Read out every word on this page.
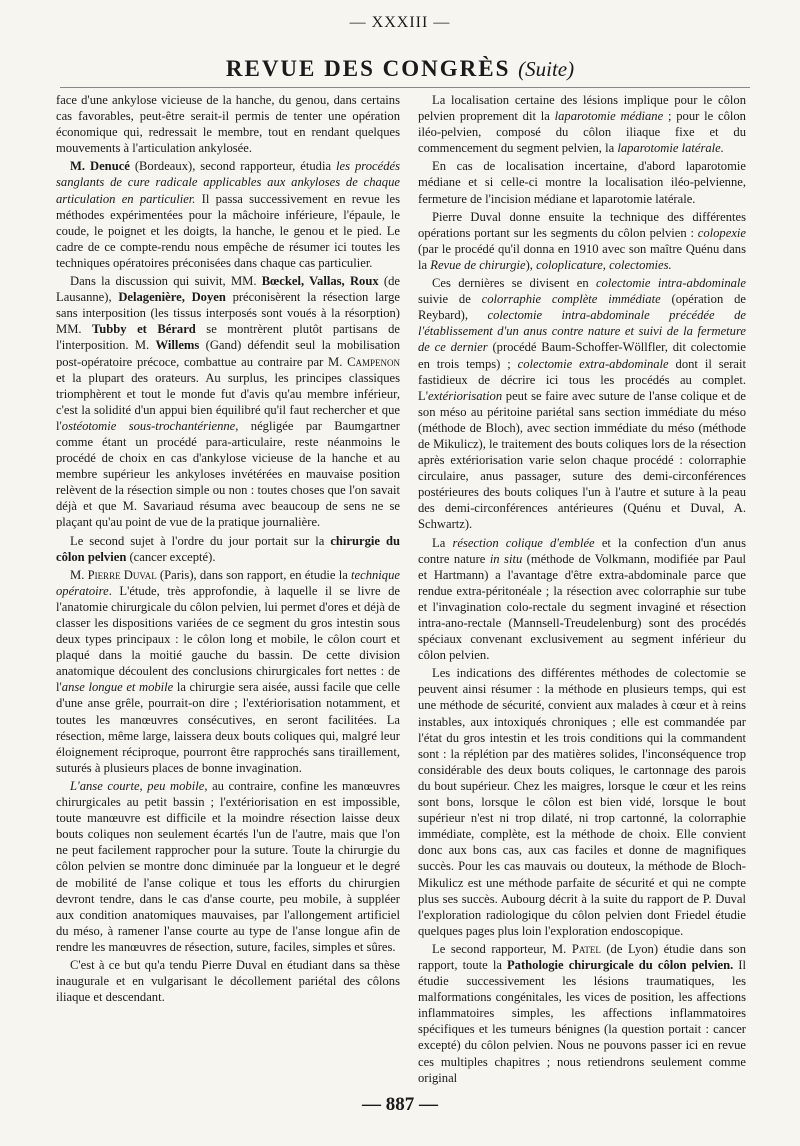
— XXXIII —
REVUE DES CONGRÈS (Suite)

face d'une ankylose vicieuse de la hanche, du genou, dans certains cas favorables, peut-être serait-il permis de tenter une opération économique qui, redressait le membre, tout en rendant quelques mouvements à l'articulation ankylosée.

M. Denucé (Bordeaux), second rapporteur, étudia les procédés sanglants de cure radicale applicables aux ankyloses de chaque articulation en particulier. Il passa successivement en revue les méthodes expérimentées pour la mâchoire inférieure, l'épaule, le coude, le poignet et les doigts, la hanche, le genou et le pied. Le cadre de ce compte-rendu nous empêche de résumer ici toutes les techniques opératoires préconisées dans chaque cas particulier.

Dans la discussion qui suivit, MM. Bœckel, Vallas, Roux (de Lausanne), Delagenière, Doyen préconisèrent la résection large sans interposition (les tissus interposés sont voués à la résorption) MM. Tubby et Bérard se montrèrent plutôt partisans de l'interposition. M. Willems (Gand) défendit seul la mobilisation post-opératoire précoce, combattue au contraire par M. Campenon et la plupart des orateurs. Au surplus, les principes classiques triomphèrent et tout le monde fut d'avis qu'au membre inférieur, c'est la solidité d'un appui bien équilibré qu'il faut rechercher et que l'ostéotomie sous-trochantérienne, négligée par Baumgartner comme étant un procédé para-articulaire, reste néanmoins le procédé de choix en cas d'ankylose vicieuse de la hanche et au membre supérieur les ankyloses invétérées en mauvaise position relèvent de la résection simple ou non : toutes choses que l'on savait déjà et que M. Savariaud résuma avec beaucoup de sens ne se plaçant qu'au point de vue de la pratique journalière.

Le second sujet à l'ordre du jour portait sur la chirurgie du côlon pelvien (cancer excepté).

M. Pierre Duval (Paris), dans son rapport, en étudie la technique opératoire. L'étude, très approfondie, à laquelle il se livre de l'anatomie chirurgicale du côlon pelvien, lui permet d'ores et déjà de classer les dispositions variées de ce segment du gros intestin sous deux types principaux : le côlon long et mobile, le côlon court et plaqué dans la moitié gauche du bassin. De cette division anatomique découlent des conclusions chirurgicales fort nettes : de l'anse longue et mobile la chirurgie sera aisée, aussi facile que celle d'une anse grêle, pourrait-on dire ; l'extériorisation notamment, et toutes les manœuvres consécutives, en seront facilitées. La résection, même large, laissera deux bouts coliques qui, malgré leur éloignement réciproque, pourront être rapprochés sans tiraillement, suturés à plusieurs places de bonne invagination.

L'anse courte, peu mobile, au contraire, confine les manœuvres chirurgicales au petit bassin ; l'extériorisation en est impossible, toute manœuvre est difficile et la moindre résection laisse deux bouts coliques non seulement écartés l'un de l'autre, mais que l'on ne peut facilement rapprocher pour la suture. Toute la chirurgie du côlon pelvien se montre donc diminuée par la longueur et le degré de mobilité de l'anse colique et tous les efforts du chirurgien devront tendre, dans le cas d'anse courte, peu mobile, à suppléer aux condition anatomiques mauvaises, par l'allongement artificiel du méso, à ramener l'anse courte au type de l'anse longue afin de rendre les manœuvres de résection, suture, faciles, simples et sûres.

C'est à ce but qu'a tendu Pierre Duval en étudiant dans sa thèse inaugurale et en vulgarisant le décollement pariétal des côlons iliaque et descendant.

La localisation certaine des lésions implique pour le côlon pelvien proprement dit la laparotomie médiane ; pour le côlon iléo-pelvien, composé du côlon iliaque fixe et du commencement du segment pelvien, la laparotomie latérale.

En cas de localisation incertaine, d'abord laparotomie médiane et si celle-ci montre la localisation iléo-pelvienne, fermeture de l'incision médiane et laparotomie latérale.

Pierre Duval donne ensuite la technique des différentes opérations portant sur les segments du côlon pelvien : colopexie (par le procédé qu'il donna en 1910 avec son maître Quénu dans la Revue de chirurgie), coloplicature, colectomies.

Ces dernières se divisent en colectomie intra-abdominale suivie de colorraphie complète immédiate (opération de Reybard), colectomie intra-abdominale précédée de l'établissement d'un anus contre nature et suivi de la fermeture de ce dernier (procédé Baum-Schoffer-Wöllfler, dit colectomie en trois temps) ; colectomie extra-abdominale dont il serait fastidieux de décrire ici tous les procédés au complet. L'extériorisation peut se faire avec suture de l'anse colique et de son méso au péritoine pariétal sans section immédiate du méso (méthode de Bloch), avec section immédiate du méso (méthode de Mikulicz), le traitement des bouts coliques lors de la résection après extériorisation varie selon chaque procédé : colorraphie circulaire, anus passager, suture des demi-circonférences postérieures des bouts coliques l'un à l'autre et suture à la peau des demi-circonférences antérieures (Quénu et Duval, A. Schwartz).

La résection colique d'emblée et la confection d'un anus contre nature in situ (méthode de Volkmann, modifiée par Paul et Hartmann) a l'avantage d'être extra-abdominale parce que rendue extra-péritonéale ; la résection avec colorraphie sur tube et l'invagination colo-rectale du segment invaginé et résection intra-ano-rectale (Mannsell-Treudelenburg) sont des procédés spéciaux convenant exclusivement au segment inférieur du côlon pelvien.

Les indications des différentes méthodes de colectomie se peuvent ainsi résumer : la méthode en plusieurs temps, qui est une méthode de sécurité, convient aux malades à cœur et à reins instables, aux intoxiqués chroniques ; elle est commandée par l'état du gros intestin et les trois conditions qui la commandent sont : la réplétion par des matières solides, l'inconséquence trop considérable des deux bouts coliques, le cartonnage des parois du bout supérieur. Chez les maigres, lorsque le cœur et les reins sont bons, lorsque le côlon est bien vidé, lorsque le bout supérieur n'est ni trop dilaté, ni trop cartonné, la colorraphie immédiate, complète, est la méthode de choix. Elle convient donc aux bons cas, aux cas faciles et donne de magnifiques succès. Pour les cas mauvais ou douteux, la méthode de Bloch-Mikulicz est une méthode parfaite de sécurité et qui ne compte plus ses succès. Aubourg décrit à la suite du rapport de P. Duval l'exploration radiologique du côlon pelvien dont Friedel étudie quelques pages plus loin l'exploration endoscopique.

Le second rapporteur, M. Patel (de Lyon) étudie dans son rapport, toute la Pathologie chirurgicale du côlon pelvien. Il étudie successivement les lésions traumatiques, les malformations congénitales, les vices de position, les affections inflammatoires simples, les affections inflammatoires spécifiques et les tumeurs bénignes (la question portait : cancer excepté) du côlon pelvien. Nous ne pouvons passer ici en revue ces multiples chapitres ; nous retiendrons seulement comme original

— 887 —
